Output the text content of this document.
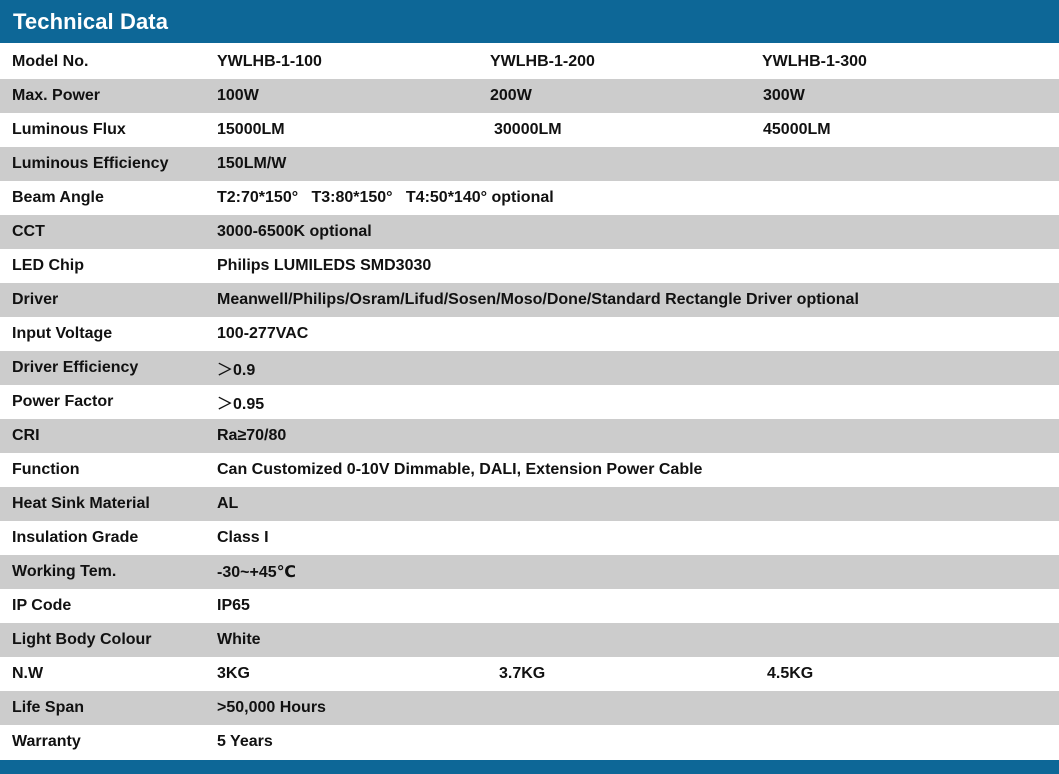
Technical Data
Model No.	YWLHB-1-100	YWLHB-1-200	YWLHB-1-300
Max. Power	100W	200W	300W
Luminous Flux	15000LM	30000LM	45000LM
Luminous Efficiency	150LM/W
Beam Angle	T2:70*150°   T3:80*150°   T4:50*140° optional
CCT	3000-6500K optional
LED Chip	Philips LUMILEDS SMD3030
Driver	Meanwell/Philips/Osram/Lifud/Sosen/Moso/Done/Standard Rectangle Driver optional
Input Voltage	100-277VAC
Driver Efficiency	＞0.9
Power Factor	＞0.95
CRI	Ra≥70/80
Function	Can Customized 0-10V Dimmable, DALI, Extension Power Cable
Heat Sink Material	AL
Insulation Grade	Class I
Working Tem.	-30~+45℃
IP Code	IP65
Light Body Colour	White
N.W	3KG	3.7KG	4.5KG
Life Span	>50,000 Hours
Warranty	5 Years
